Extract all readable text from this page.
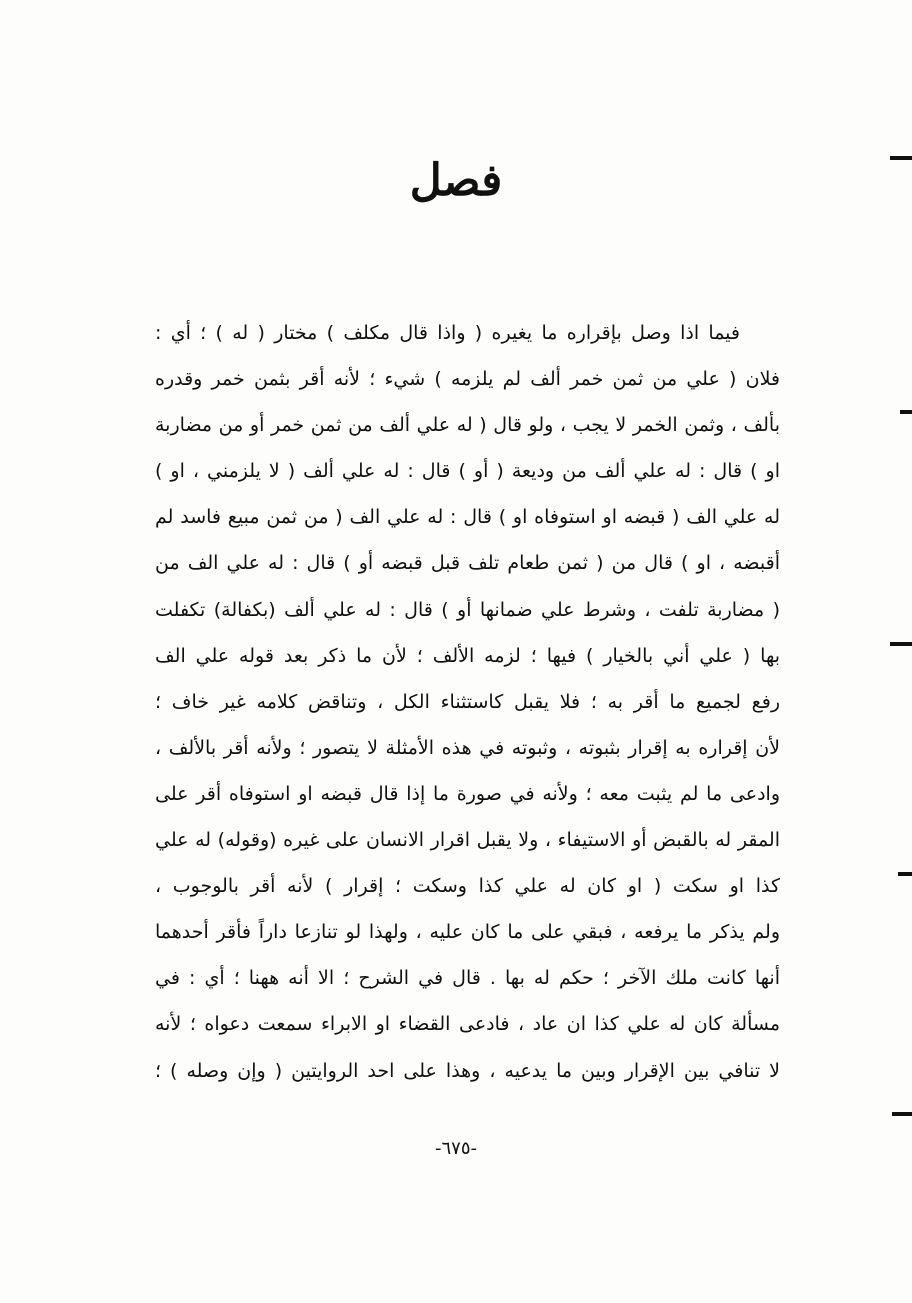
فصل
فيما اذا وصل بإقراره ما يغيره ( واذا قال مكلف ) مختار ( له ) ؛ أي :
فلان ( علي من ثمن خمر ألف لم يلزمه ) شيء ؛ لأنه أقر بثمن خمر وقدره
بألف ، وثمن الخمر لا يجب ، ولو قال ( له علي ألف من ثمن خمر أو من مضاربة
او ) قال : له علي ألف من وديعة ( أو ) قال : له علي ألف ( لا يلزمني ، او )
له علي الف ( قبضه او استوفاه او ) قال : له علي الف ( من ثمن مبيع فاسد لم
أقبضه ، او ) قال من ( ثمن طعام تلف قبل قبضه أو ) قال : له علي الف من
( مضاربة تلفت ، وشرط علي ضمانها أو ) قال : له علي ألف (بكفالة) تكفلت
بها ( علي أني بالخيار ) فيها ؛ لزمه الألف ؛ لأن ما ذكر بعد قوله علي الف
رفع لجميع ما أقر به ؛ فلا يقبل كاستثناء الكل ، وتناقض كلامه غير خاف ؛
لأن إقراره به إقرار بثبوته ، وثبوته في هذه الأمثلة لا يتصور ؛ ولأنه أقر بالألف ،
وادعى ما لم يثبت معه ؛ ولأنه في صورة ما إذا قال قبضه او استوفاه أقر على
المقر له بالقبض أو الاستيفاء ، ولا يقبل اقرار الانسان على غيره (وقوله) له علي
كذا او سكت ( او كان له علي كذا وسكت ؛ إقرار ) لأنه أقر بالوجوب ،
ولم يذكر ما يرفعه ، فبقي على ما كان عليه ، ولهذا لو تنازعا داراً فأقر أحدهما
أنها كانت ملك الآخر ؛ حكم له بها . قال في الشرح ؛ الا أنه ههنا ؛ أي : في
مسألة كان له علي كذا ان عاد ، فادعى القضاء او الابراء سمعت دعواه ؛ لأنه
لا تنافي بين الإقرار وبين ما يدعيه ، وهذا على احد الروايتين ( وإن وصله ) ؛
-٦٧٥-
